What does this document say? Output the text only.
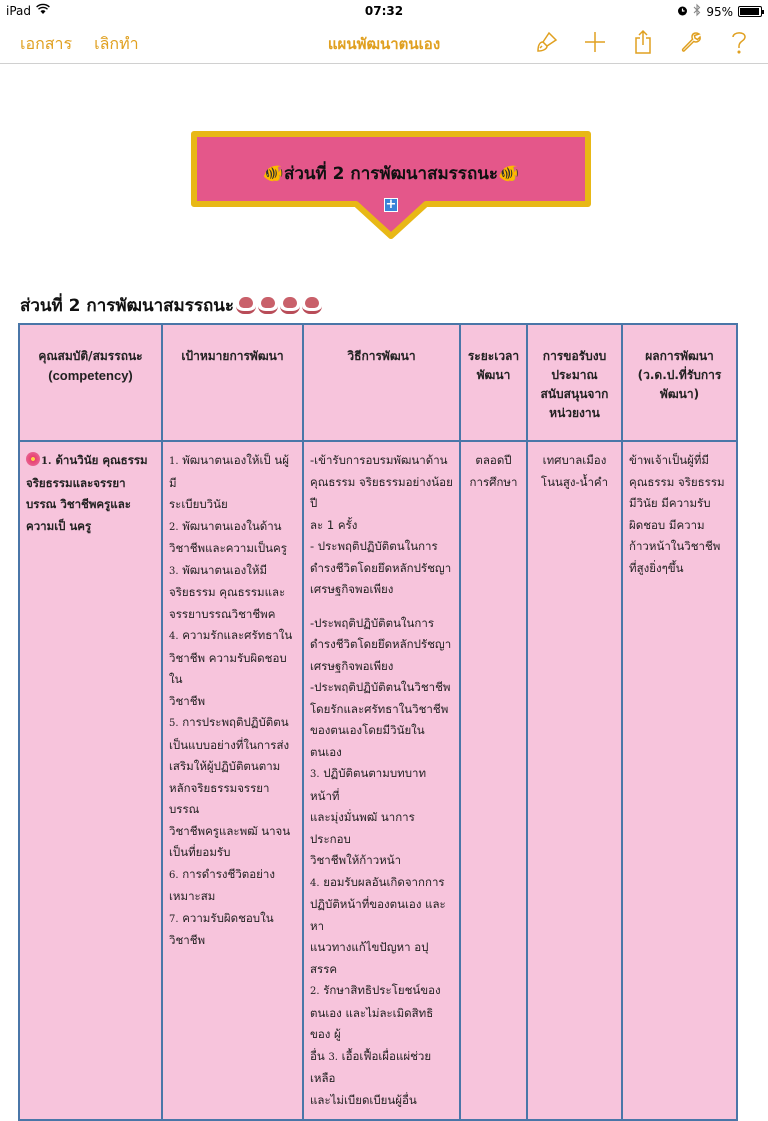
iPad	07:32	95%
เอกสาร เลิกทำ	แผนพัฒนาตนเอง
🐠ส่วนที่ 2 การพัฒนาสมรรถนะ🐠
+
ส่วนที่ 2 การพัฒนาสมรรถนะ
คุณสมบัติ/สมรรถนะ
(competency)

เป้าหมายการพัฒนา	วิธีการพัฒนา	ระยะเวลา
พัฒนา

การขอรับงบ
ประมาณ
สนับสนุนจาก
หน่วยงาน

ผลการพัฒนา
(ว.ด.ป.ที่รับการ
พัฒนา)

1. ด้านวินัย คุณธรรม
จริยธรรมและจรรยา
บรรณ วิชาชีพครูและ
ความเป็ นครู

1. พัฒนาตนเองให้เป็ นผู้มี
ระเบียบวินัย
2. พัฒนาตนเองในด้าน
วิชาชีพและความเป็นครู
3. พัฒนาตนเองให้มี
จริยธรรม คุณธรรมและ
จรรยาบรรณวิชาชีพค
4. ความรักและศรัทธาใน
วิชาชีพ ความรับผิดชอบใน
วิชาชีพ
5. การประพฤติปฏิบัติตน
เป็นแบบอย่างที่ในการส่ง
เสริมให้ผู้ปฏิบัติตนตาม
หลักจริยธรรมจรรยาบรรณ
วิชาชีพครูและพฒั นาจน
เป็นที่ยอมรับ
6. การดำรงชีวิตอย่าง
เหมาะสม
7. ความรับผิดชอบใน
วิชาชีพ

-เข้ารับการอบรมพัฒนาด้าน
คุณธรรม จริยธรรมอย่างน้อยปี
ละ 1 ครั้ง
- ประพฤติปฏิบัติตนในการ
ดำรงชีวิตโดยยึดหลักปรัชญา
เศรษฐกิจพอเพียง
-ประพฤติปฏิบัติตนในการ
ดำรงชีวิตโดยยึดหลักปรัชญา
เศรษฐกิจพอเพียง
-ประพฤติปฏิบัติตนในวิชาชีพ
โดยรักและศรัทธาในวิชาชีพ
ของตนเองโดยมีวินัยใน
ตนเอง
3. ปฏิบัติตนตามบทบาทหน้าที่
และมุ่งมั่นพฒั นาการ ประกอบ
วิชาชีพให้ก้าวหน้า
4. ยอมรับผลอันเกิดจากการ
ปฏิบัติหน้าที่ของตนเอง และหา
แนวทางแก้ไขปัญหา อปุ สรรค
2. รักษาสิทธิประโยชน์ของ
ตนเอง และไม่ละเมิดสิทธิของ ผู้
อื่น 3. เอื้อเฟื้อเผื่อแผ่ช่วยเหลือ
และไม่เบียดเบียนผู้อื่น

ตลอดปี
การศึกษา

เทศบาลเมือง
โนนสูง-น้ำคำ

ข้าพเจ้าเป็นผู้ที่มี
คุณธรรม จริยธรรม
มีวินัย มีความรับ
ผิดชอบ มีความ
ก้าวหน้าในวิชาชีพ
ที่สูงยิ่งๆขึ้น
